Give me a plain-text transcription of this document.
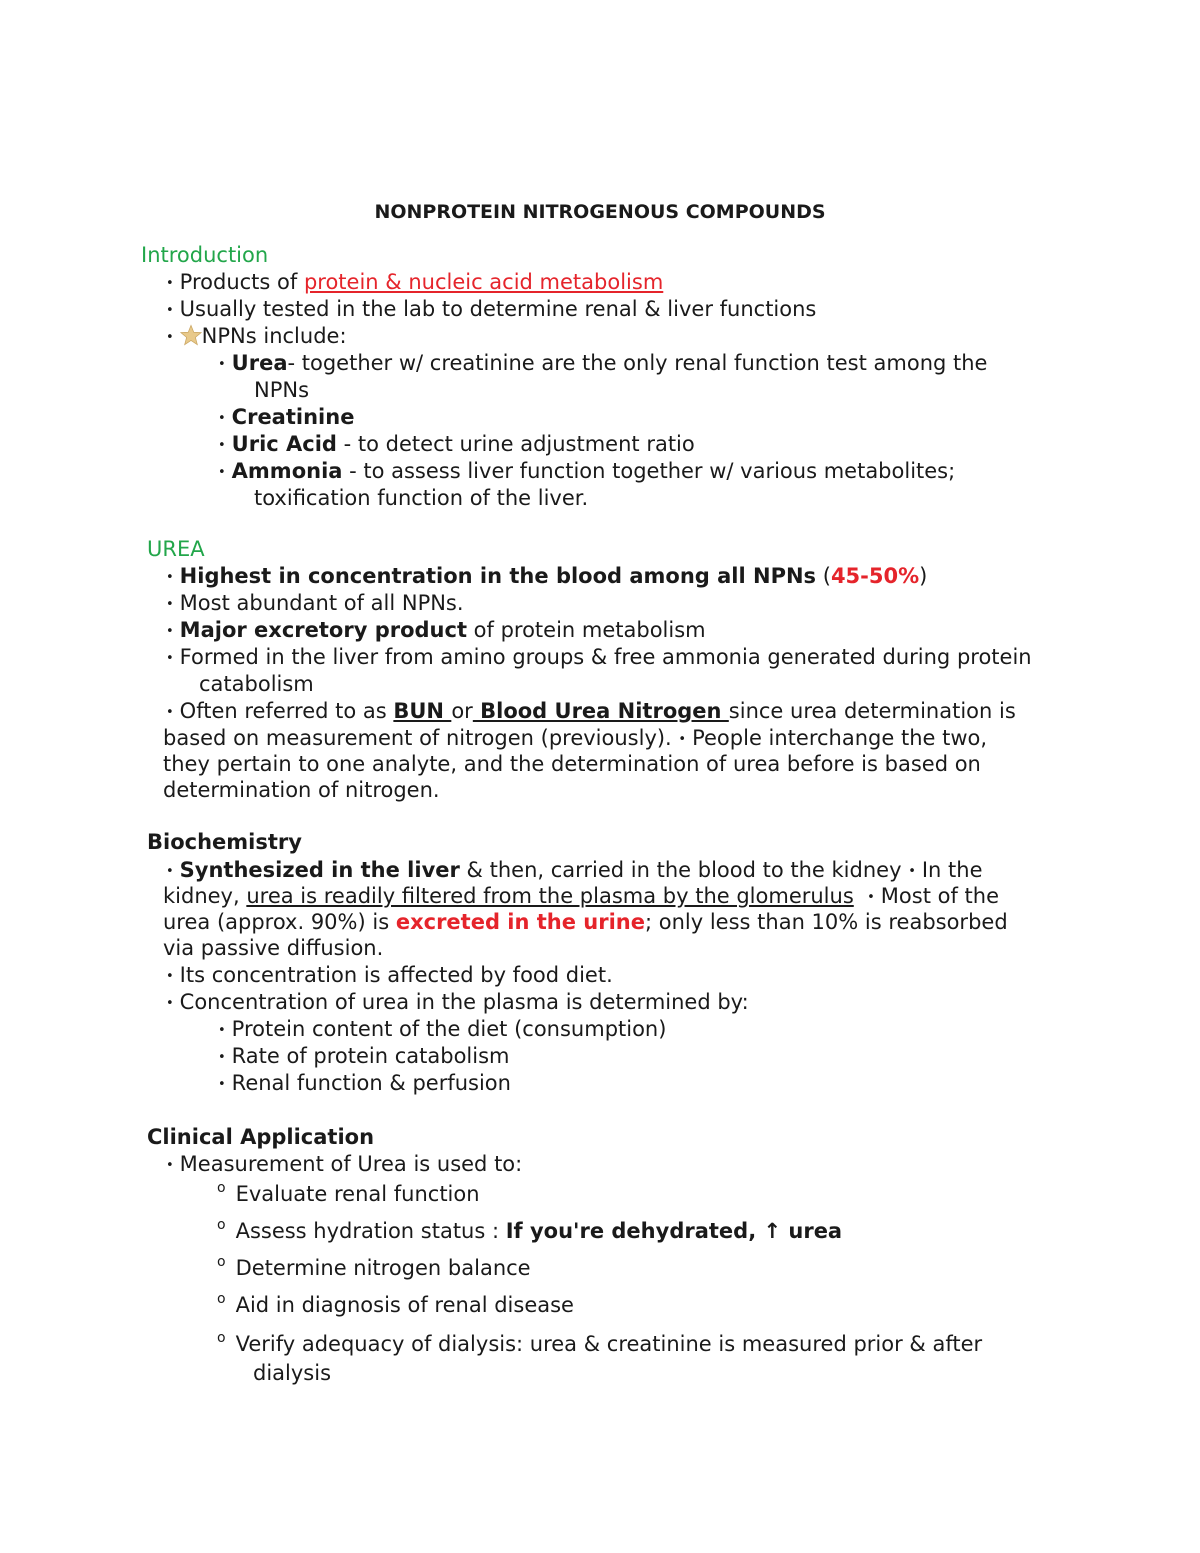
NONPROTEIN NITROGENOUS COMPOUNDS
Introduction
• Products of protein & nucleic acid metabolism
• Usually tested in the lab to determine renal & liver functions
• NPNs include:
• Urea- together w/ creatinine are the only renal function test among the
NPNs
• Creatinine
• Uric Acid - to detect urine adjustment ratio
• Ammonia - to assess liver function together w/ various metabolites;
toxification function of the liver.
UREA
• Highest in concentration in the blood among all NPNs (45-50%)
• Most abundant of all NPNs.
• Major excretory product of protein metabolism
• Formed in the liver from amino groups & free ammonia generated during protein
catabolism
• Often referred to as BUN or Blood Urea Nitrogen since urea determination is
based on measurement of nitrogen (previously). • People interchange the two,
they pertain to one analyte, and the determination of urea before is based on
determination of nitrogen.
Biochemistry
• Synthesized in the liver & then, carried in the blood to the kidney • In the
kidney, urea is readily filtered from the plasma by the glomerulus • Most of the
urea (approx. 90%) is excreted in the urine; only less than 10% is reabsorbed
via passive diffusion.
• Its concentration is affected by food diet.
• Concentration of urea in the plasma is determined by:
• Protein content of the diet (consumption)
• Rate of protein catabolism
• Renal function & perfusion
Clinical Application
• Measurement of Urea is used to:
$^o$ Evaluate renal function
$^o$ Assess hydration status : If you're dehydrated, ↑ urea
$^o$ Determine nitrogen balance
$^o$ Aid in diagnosis of renal disease
$^o$ Verify adequacy of dialysis: urea & creatinine is measured prior & after
dialysis
